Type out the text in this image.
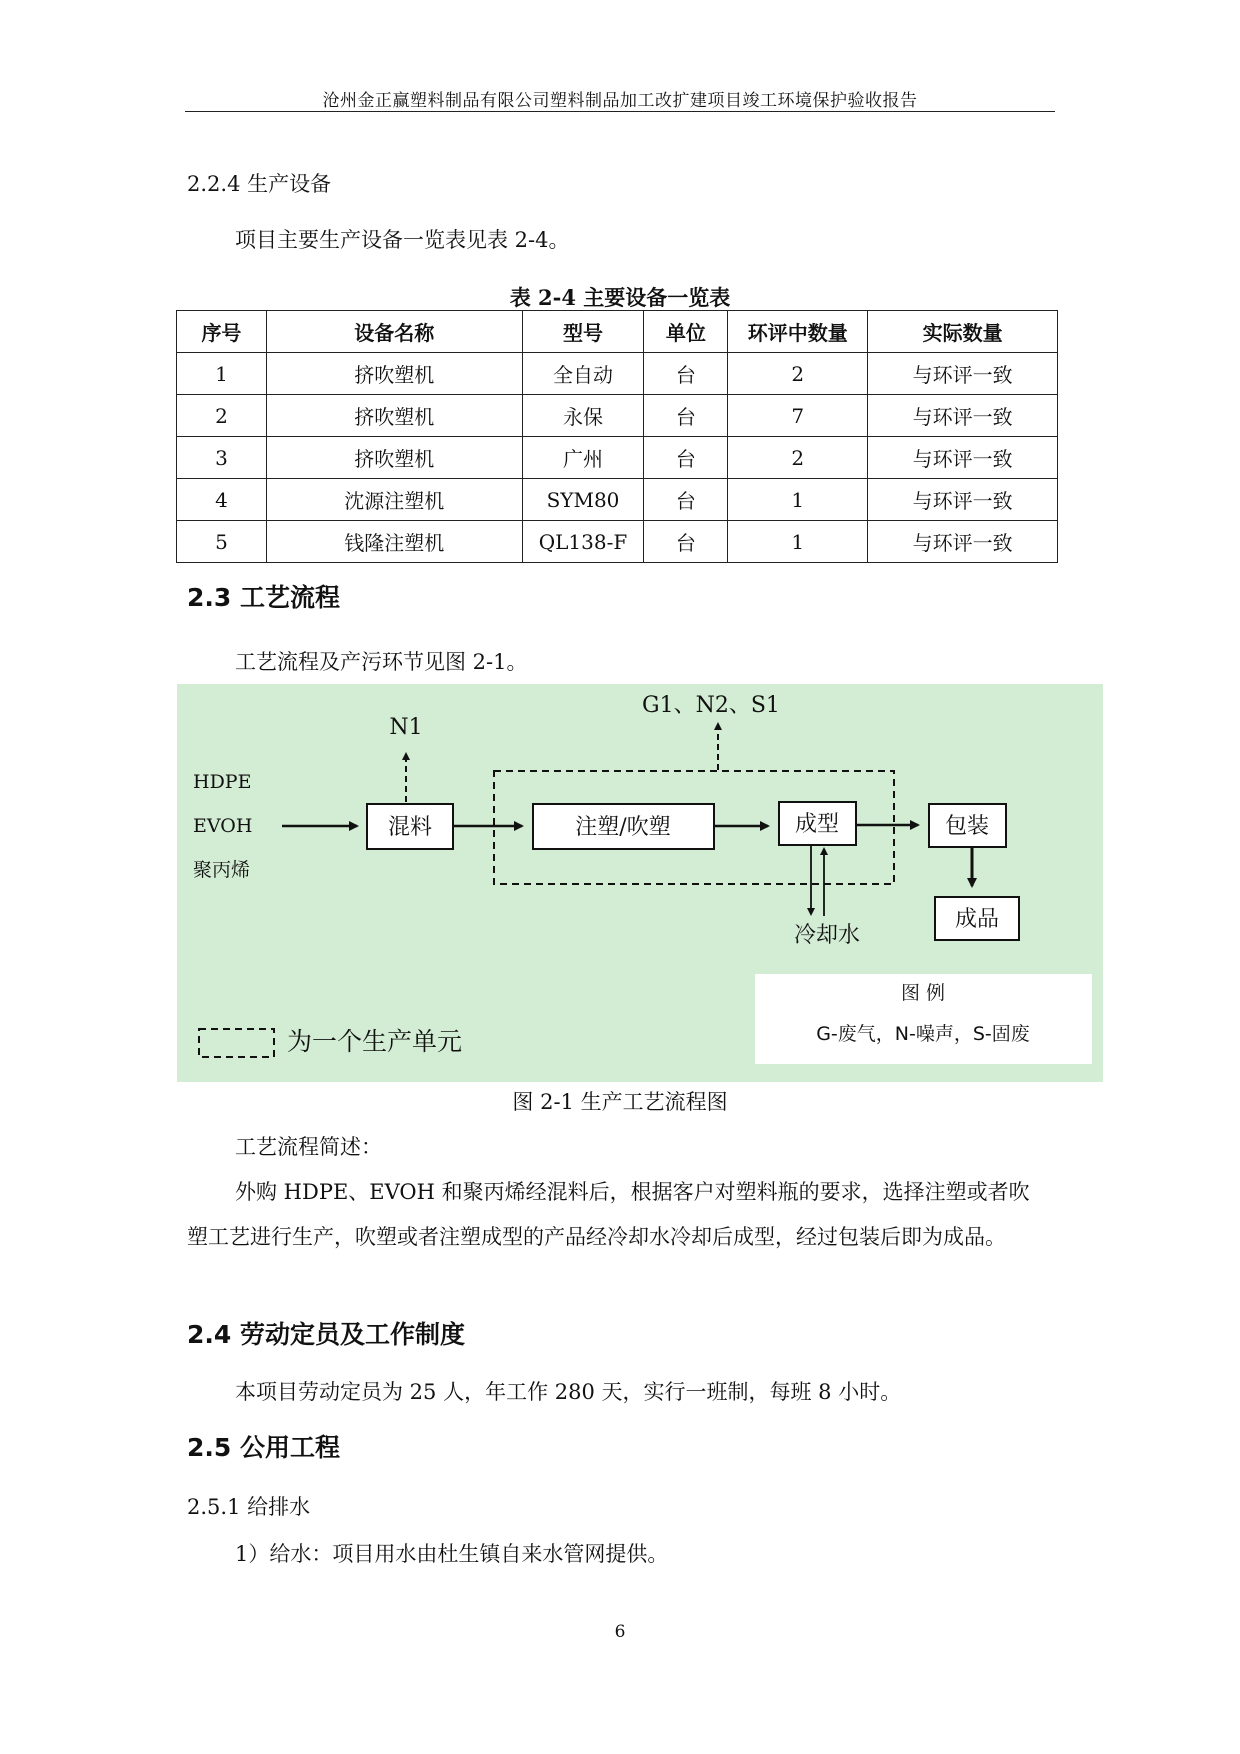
沧州金正赢塑料制品有限公司塑料制品加工改扩建项目竣工环境保护验收报告
2.2.4 生产设备
项目主要生产设备一览表见表 2-4。
表 2-4 主要设备一览表
序号	设备名称	型号	单位	环评中数量	实际数量
1	挤吹塑机	全自动	台	2	与环评一致
2	挤吹塑机	永保	台	7	与环评一致
3	挤吹塑机	广州	台	2	与环评一致
4	沈源注塑机	SYM80	台	1	与环评一致
5	钱隆注塑机	QL138-F	台	1	与环评一致
2.3 工艺流程
工艺流程及产污环节见图 2-1。
HDPE
EVOH
聚丙烯
混料
N1
G1、N2、S1
注塑/吹塑	成型
冷却水
包装
成品
图 例
G-废气，N-噪声，S-固废
为一个生产单元
图 2-1 生产工艺流程图
工艺流程简述：
外购 HDPE、EVOH 和聚丙烯经混料后，根据客户对塑料瓶的要求，选择注塑或者吹塑工艺进行生产，吹塑或者注塑成型的产品经冷却水冷却后成型，经过包装后即为成品。
2.4 劳动定员及工作制度
本项目劳动定员为 25 人，年工作 280 天，实行一班制，每班 8 小时。
2.5 公用工程
2.5.1 给排水
1）给水：项目用水由杜生镇自来水管网提供。
6
